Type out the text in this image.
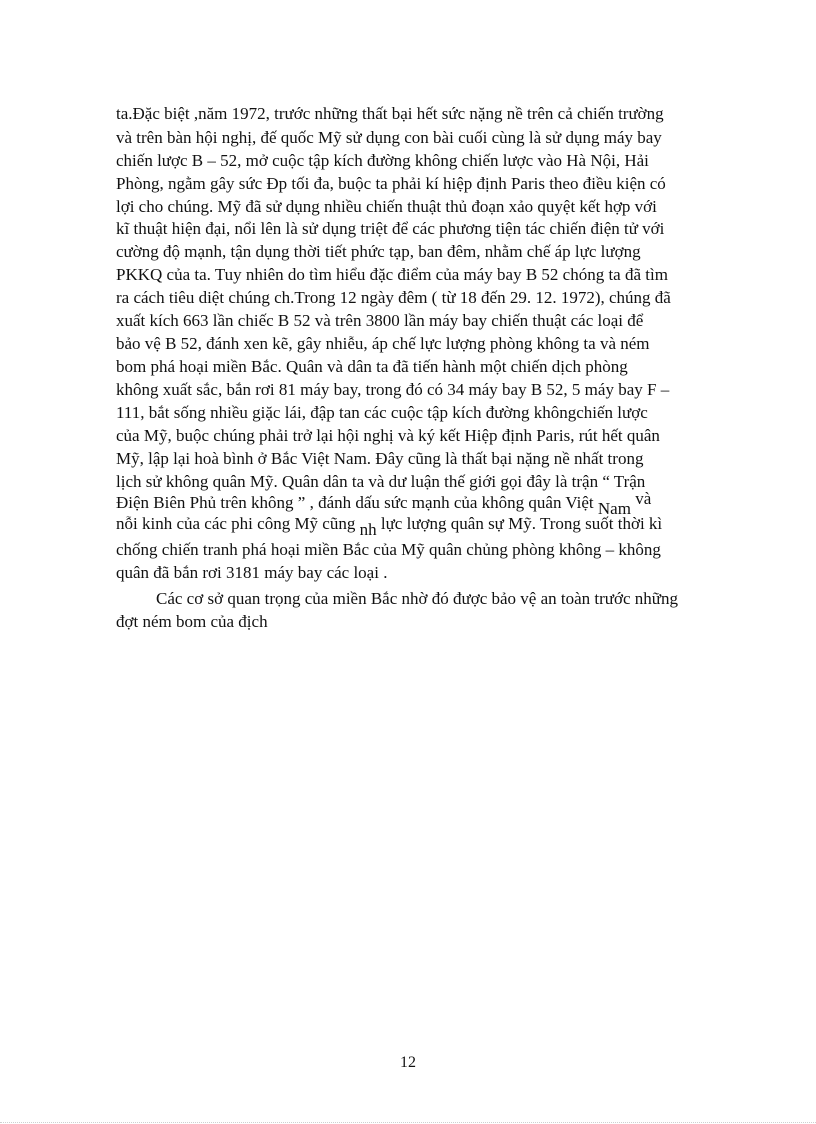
ta.Đặc biệt ,năm 1972, trước những thất bại hết sức nặng nề trên cả chiến trường
và trên bàn hội nghị, đế quốc Mỹ sử dụng con bài cuối cùng là sử dụng máy bay
chiến lược B – 52, mở cuộc tập kích đường không chiến lược vào Hà Nội, Hải
Phòng, ngằm gây sức Đp tối đa, buộc ta phải kí hiệp định Paris theo điều kiện có
lợi cho chúng. Mỹ đã sử dụng nhiều chiến thuật thủ đoạn xảo quyệt kết hợp với
kĩ thuật hiện đại, nổi lên là sử dụng triệt để các phương tiện tác chiến điện tử với
cường độ mạnh, tận dụng thời tiết phức tạp, ban đêm, nhằm chế áp lực lượng
PKKQ của ta. Tuy nhiên do tìm hiểu đặc điểm của máy bay B 52 chóng ta đã tìm
ra cách tiêu diệt chúng ch.Trong 12 ngày đêm ( từ 18 đến 29. 12. 1972), chúng đã
xuất kích 663 lần chiếc B 52 và trên 3800 lần máy bay chiến thuật các loại để
bảo vệ B 52, đánh xen kẽ, gây nhiễu, áp chế lực lượng phòng không ta và ném
bom phá hoại miền Bắc. Quân và dân ta đã tiến hành một chiến dịch phòng
không xuất sắc, bắn rơi 81 máy bay, trong đó có 34 máy bay B 52, 5 máy bay F –
111, bắt sống nhiều giặc lái, đập tan các cuộc tập kích đường khôngchiến lược
của Mỹ, buộc chúng phải trở lại hội nghị và ký kết Hiệp định Paris, rút hết quân
Mỹ, lập lại hoà bình ở Bắc Việt Nam. Đây cũng là thất bại nặng nề nhất trong
lịch sử không quân Mỹ. Quân dân ta và dư luận thế giới gọi đây là trận “ Trận
Điện Biên Phủ trên không ” , đánh dấu sức mạnh của không quân Việt Nam và
nỗi kinh của các phi công Mỹ cũng nh lực lượng quân sự Mỹ. Trong suốt thời kì
chống chiến tranh phá hoại miền Bắc của Mỹ quân chủng phòng không – không
quân đã bắn rơi 3181 máy bay các loại .
Các cơ sở quan trọng của miền Bắc nhờ đó được bảo vệ an toàn trước những
đợt ném bom của địch
12
